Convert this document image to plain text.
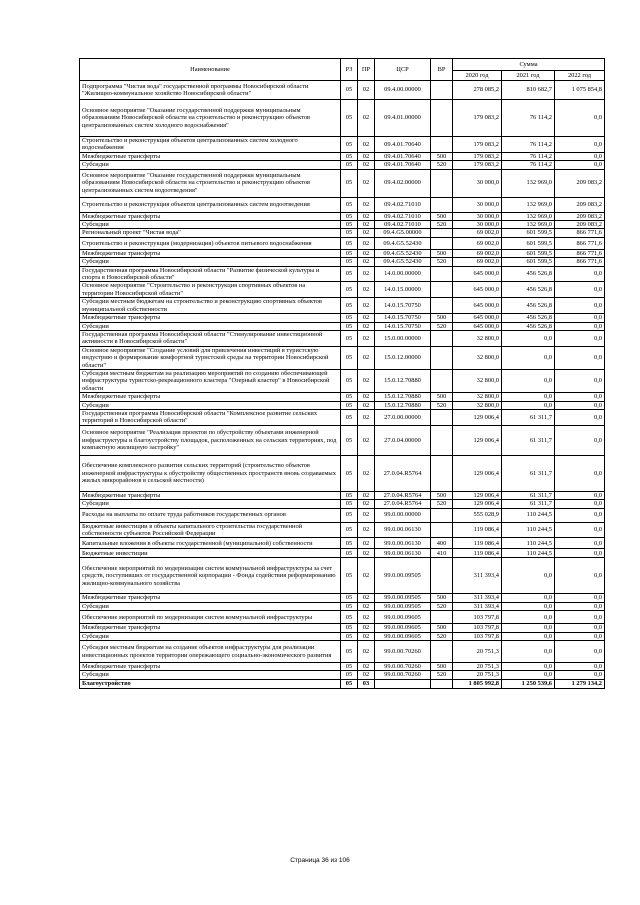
Наименование	РЗ	ПР	ЦСР	ВР	Сумма		
					2020 год	2021 год	2022 год
Подпрограмма "Чистая вода" государственной программы Новосибирской области "Жилищно-коммунальное хозяйство Новосибирской области"	05	02	09.4.00.00000		278 085,2	810 682,7	1 075 854,8
Основное мероприятие "Оказание государственной поддержки муниципальным образованиям Новосибирской области на строительство и реконструкцию объектов централизованных систем холодного водоснабжения"	05	02	09.4.01.00000		179 083,2	76 114,2	0,0
Строительство и реконструкция объектов централизованных систем холодного водоснабжения	05	02	09.4.01.70640		179 083,2	76 114,2	0,0
Межбюджетные трансферты	05	02	09.4.01.70640	500	179 083,2	76 114,2	0,0
Субсидии	05	02	09.4.01.70640	520	179 083,2	76 114,2	0,0
Основное мероприятие "Оказание государственной поддержки муниципальным образованиям Новосибирской области на строительство и реконструкцию объектов централизованных систем водоотведения"	05	02	09.4.02.00000		30 000,0	132 969,0	209 083,2
Строительство и реконструкция объектов централизованных систем водоотведения	05	02	09.4.02.71010		30 000,0	132 969,0	209 083,2
Межбюджетные трансферты	05	02	09.4.02.71010	500	30 000,0	132 969,0	209 083,2
Субсидии	05	02	09.4.02.71010	520	30 000,0	132 969,0	209 083,2
Региональный проект "Чистая вода"	05	02	09.4.G5.00000		69 002,0	601 599,5	866 771,6
Строительство и реконструкция (модернизация) объектов питьевого водоснабжения	05	02	09.4.G5.52430		69 002,0	601 599,5	866 771,6
Межбюджетные трансферты	05	02	09.4.G5.52430	500	69 002,0	601 599,5	866 771,6
Субсидии	05	02	09.4.G5.52430	520	69 002,0	601 599,5	866 771,6
Государственная программа Новосибирской области "Развитие физической культуры и спорта в Новосибирской области"	05	02	14.0.00.00000		645 000,0	456 526,8	0,0
Основное мероприятие "Строительство и реконструкция спортивных объектов на территории Новосибирской области"	05	02	14.0.15.00000		645 000,0	456 526,8	0,0
Субсидии местным бюджетам на строительство и реконструкцию спортивных объектов муниципальной собственности	05	02	14.0.15.70750		645 000,0	456 526,8	0,0
Межбюджетные трансферты	05	02	14.0.15.70750	500	645 000,0	456 526,8	0,0
Субсидии	05	02	14.0.15.70750	520	645 000,0	456 526,8	0,0
Государственная программа Новосибирской области "Стимулирование инвестиционной активности в Новосибирской области"	05	02	15.0.00.00000		32 800,0	0,0	0,0
Основное мероприятие "Создание условий для привлечения инвестиций в туристскую индустрию и формирование комфортной туристской среды на территории Новосибирской области"	05	02	15.0.12.00000		32 800,0	0,0	0,0
Субсидия местным бюджетам на реализацию мероприятий по созданию обеспечивающей инфраструктуры туристско-рекреационного кластера "Озерный кластер" в Новосибирской области	05	02	15.0.12.70880		32 800,0	0,0	0,0
Межбюджетные трансферты	05	02	15.0.12.70880	500	32 800,0	0,0	0,0
Субсидии	05	02	15.0.12.70880	520	32 800,0	0,0	0,0
Государственная программа Новосибирской области "Комплексное развитие сельских территорий в Новосибирской области"	05	02	27.0.00.00000		129 006,4	61 311,7	0,0
Основное мероприятие "Реализация проектов по обустройству объектами инженерной инфраструктуры и благоустройству площадок, расположенных на сельских территориях, под компактную жилищную застройку"	05	02	27.0.04.00000		129 006,4	61 311,7	0,0
Обеспечение комплексного развития сельских территорий (строительство объектов инженерной инфраструктуры к обустройству общественных пространств вновь создаваемых жилых микрорайонов в сельской местности)	05	02	27.0.04.R5764		129 006,4	61 311,7	0,0
Межбюджетные трансферты	05	02	27.0.04.R5764	500	129 006,4	61 311,7	0,0
Субсидии	05	02	27.0.04.R5764	520	129 006,4	61 311,7	0,0
Расходы на выплаты по оплате труда работников государственных органов	05	02	99.0.00.00000		555 028,9	110 244,5	0,0
Бюджетные инвестиции в объекты капитального строительства государственной собственности субъектов Российской Федерации	05	02	99.0.00.06130		119 086,4	110 244,5	0,0
Капитальные вложения в объекты государственной (муниципальной) собственности	05	02	99.0.00.06130	400	119 086,4	110 244,5	0,0
Бюджетные инвестиции	05	02	99.0.00.06130	410	119 086,4	110 244,5	0,0
Обеспечение мероприятий по модернизации систем коммунальной инфраструктуры за счет средств, поступивших от государственной корпорации - Фонда содействия реформированию жилищно-коммунального хозяйства	05	02	99.0.00.09505		311 393,4	0,0	0,0
Межбюджетные трансферты	05	02	99.0.00.09505	500	311 393,4	0,0	0,0
Субсидии	05	02	99.0.00.09505	520	311 393,4	0,0	0,0
Обеспечение мероприятий по модернизации систем коммунальной инфраструктуры	05	02	99.0.00.09605		103 797,8	0,0	0,0
Межбюджетные трансферты	05	02	99.0.00.09605	500	103 797,8	0,0	0,0
Субсидии	05	02	99.0.00.09605	520	103 797,8	0,0	0,0
Субсидия местным бюджетам на создание объектов инфраструктуры для реализации инвестиционных проектов территории опережающего социально-экономического развития	05	02	99.0.00.70260		20 751,3	0,0	0,0
Межбюджетные трансферты	05	02	99.0.00.70260	500	20 751,3	0,0	0,0
Субсидии	05	02	99.0.00.70260	520	20 751,3	0,0	0,0
Благоустройство	05	03			1 805 992,8	1 250 539,6	1 279 134,2
Страница 36 из 106
